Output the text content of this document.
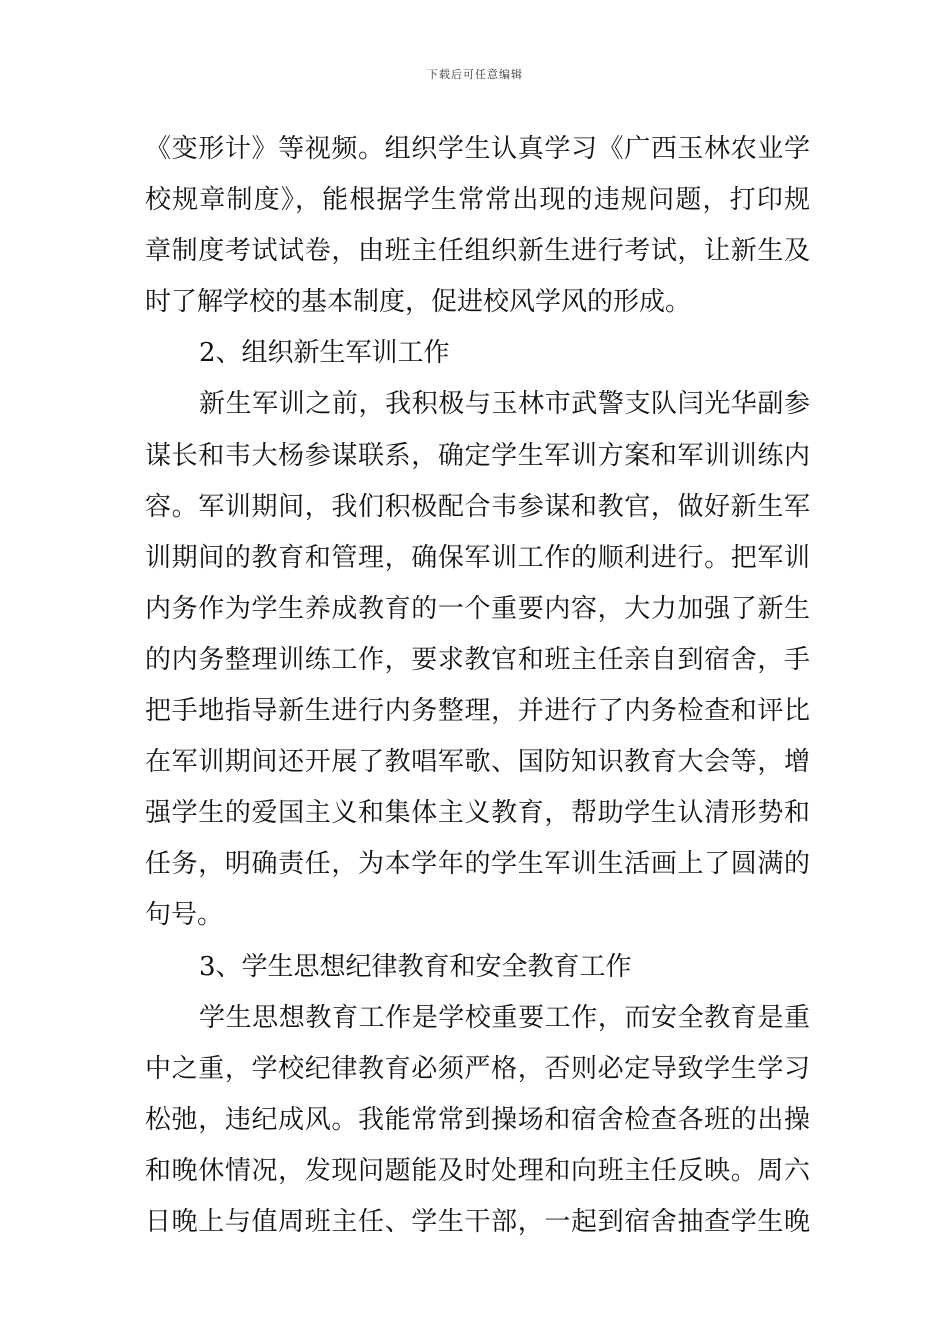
下载后可任意编辑
《变形计》等视频。组织学生认真学习《广西玉林农业学
校规章制度》，能根据学生常常出现的违规问题，打印规
章制度考试试卷，由班主任组织新生进行考试，让新生及
时了解学校的基本制度，促进校风学风的形成。
2、组织新生军训工作
新生军训之前，我积极与玉林市武警支队闫光华副参
谋长和韦大杨参谋联系，确定学生军训方案和军训训练内
容。军训期间，我们积极配合韦参谋和教官，做好新生军
训期间的教育和管理，确保军训工作的顺利进行。把军训
内务作为学生养成教育的一个重要内容，大力加强了新生
的内务整理训练工作，要求教官和班主任亲自到宿舍，手
把手地指导新生进行内务整理，并进行了内务检查和评比
在军训期间还开展了教唱军歌、国防知识教育大会等，增
强学生的爱国主义和集体主义教育，帮助学生认清形势和
任务，明确责任，为本学年的学生军训生活画上了圆满的
句号。
3、学生思想纪律教育和安全教育工作
学生思想教育工作是学校重要工作，而安全教育是重
中之重，学校纪律教育必须严格，否则必定导致学生学习
松弛，违纪成风。我能常常到操场和宿舍检查各班的出操
和晚休情况，发现问题能及时处理和向班主任反映。周六
日晚上与值周班主任、学生干部，一起到宿舍抽查学生晚
